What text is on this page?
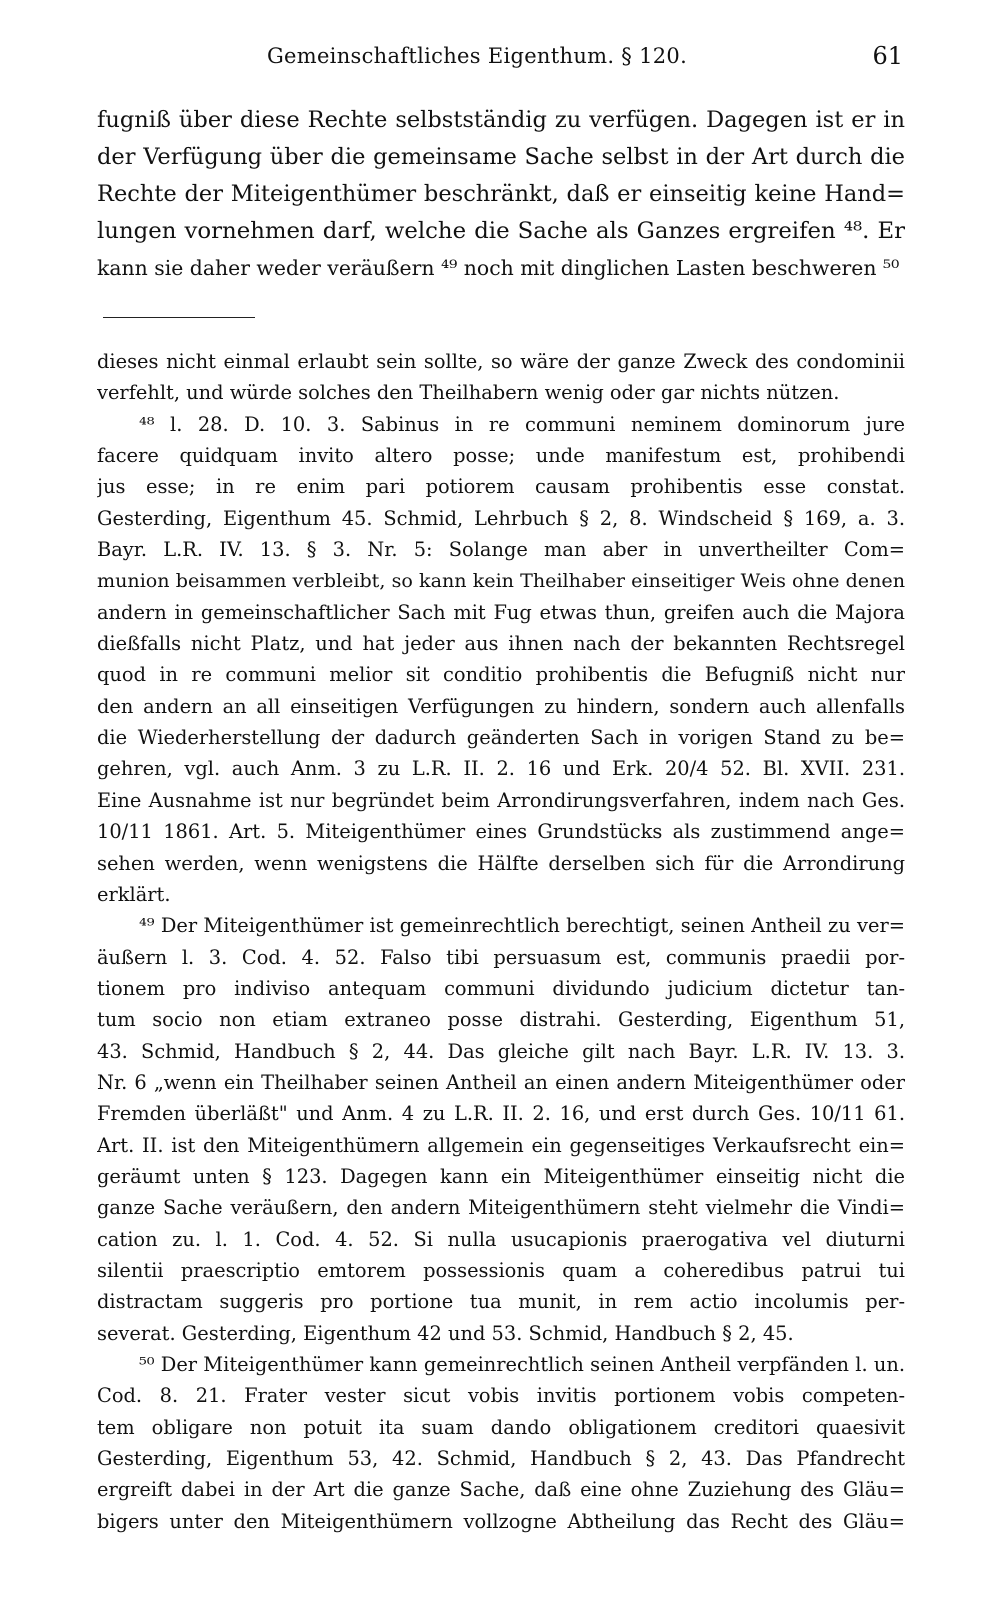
Gemeinschaftliches Eigenthum. § 120.	61
fugniß über diese Rechte selbstständig zu verfügen. Dagegen ist er in
der Verfügung über die gemeinsame Sache selbst in der Art durch die
Rechte der Miteigenthümer beschränkt, daß er einseitig keine Hand=
lungen vornehmen darf, welche die Sache als Ganzes ergreifen ⁴⁸. Er
kann sie daher weder veräußern ⁴⁹ noch mit dinglichen Lasten beschweren ⁵⁰
dieses nicht einmal erlaubt sein sollte, so wäre der ganze Zweck des condominii
verfehlt, und würde solches den Theilhabern wenig oder gar nichts nützen.
⁴⁸ l. 28. D. 10. 3. Sabinus in re communi neminem dominorum jure
facere quidquam invito altero posse; unde manifestum est, prohibendi
jus esse; in re enim pari potiorem causam prohibentis esse constat.
Gesterding, Eigenthum 45. Schmid, Lehrbuch § 2, 8. Windscheid § 169, a. 3.
Bayr. L.R. IV. 13. § 3. Nr. 5: Solange man aber in unvertheilter Com=
munion beisammen verbleibt, so kann kein Theilhaber einseitiger Weis ohne denen
andern in gemeinschaftlicher Sach mit Fug etwas thun, greifen auch die Majora
dießfalls nicht Platz, und hat jeder aus ihnen nach der bekannten Rechtsregel
quod in re communi melior sit conditio prohibentis die Befugniß nicht nur
den andern an all einseitigen Verfügungen zu hindern, sondern auch allenfalls
die Wiederherstellung der dadurch geänderten Sach in vorigen Stand zu be=
gehren, vgl. auch Anm. 3 zu L.R. II. 2. 16 und Erk. 20/4 52. Bl. XVII. 231.
Eine Ausnahme ist nur begründet beim Arrondirungsverfahren, indem nach Ges.
10/11 1861. Art. 5. Miteigenthümer eines Grundstücks als zustimmend ange=
sehen werden, wenn wenigstens die Hälfte derselben sich für die Arrondirung
erklärt.
⁴⁹ Der Miteigenthümer ist gemeinrechtlich berechtigt, seinen Antheil zu ver=
äußern l. 3. Cod. 4. 52. Falso tibi persuasum est, communis praedii por-
tionem pro indiviso antequam communi dividundo judicium dictetur tan-
tum socio non etiam extraneo posse distrahi. Gesterding, Eigenthum 51,
43. Schmid, Handbuch § 2, 44. Das gleiche gilt nach Bayr. L.R. IV. 13. 3.
Nr. 6 „wenn ein Theilhaber seinen Antheil an einen andern Miteigenthümer oder
Fremden überläßt" und Anm. 4 zu L.R. II. 2. 16, und erst durch Ges. 10/11 61.
Art. II. ist den Miteigenthümern allgemein ein gegenseitiges Verkaufsrecht ein=
geräumt unten § 123. Dagegen kann ein Miteigenthümer einseitig nicht die
ganze Sache veräußern, den andern Miteigenthümern steht vielmehr die Vindi=
cation zu. l. 1. Cod. 4. 52. Si nulla usucapionis praerogativa vel diuturni
silentii praescriptio emtorem possessionis quam a coheredibus patrui tui
distractam suggeris pro portione tua munit, in rem actio incolumis per-
severat. Gesterding, Eigenthum 42 und 53. Schmid, Handbuch § 2, 45.
⁵⁰ Der Miteigenthümer kann gemeinrechtlich seinen Antheil verpfänden l. un.
Cod. 8. 21. Frater vester sicut vobis invitis portionem vobis competen-
tem obligare non potuit ita suam dando obligationem creditori quaesivit
Gesterding, Eigenthum 53, 42. Schmid, Handbuch § 2, 43. Das Pfandrecht
ergreift dabei in der Art die ganze Sache, daß eine ohne Zuziehung des Gläu=
bigers unter den Miteigenthümern vollzogne Abtheilung das Recht des Gläu=
